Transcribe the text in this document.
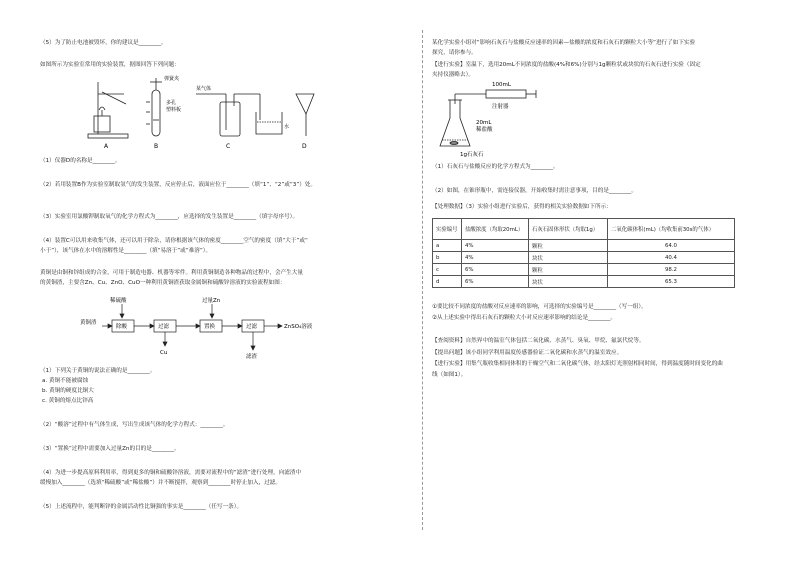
（5）为了防止电池被毁坏，你的建议是________。
如图所示为实验室常用的实验装置，据图回答下列问题：
A
弹簧夹
多孔
塑料板
B
某气体
C
水
D
（1）仪器D的名称是________。
（2）若用装置B作为实验室制取氢气的发生装置，反应停止后，液面应位于________（填“1”、“2”或“3”）处。
（3）实验室用氯酸钾制取氧气的化学方程式为________，应选择的发生装置是________（填字母序号）。
（4）装置C可以用来收集气体，还可以用于除杂，请你根据该气体的密度________空气的密度（填“大于”或“
小于”），该气体在水中的溶解性是________（填“易溶于”或“难溶”）。
黄铜是由铜和锌组成的合金，可用于制造电器、机器等零件。利用黄铜制造各种物品的过程中，会产生大量
的黄铜渣，主要含Zn、Cu、ZnO、CuO一种利用黄铜渣获取金属铜和硫酸锌溶液的实验流程如图：
稀硫酸	过量Zn
黄铜渣
除酸	过滤	置换	过滤	ZnSO₄溶液
Cu
滤渣
（1）下列关于黄铜的说法正确的是________。
a. 黄铜不能被腐蚀
b. 黄铜的硬度比铜大
c. 黄铜的熔点比锌高
（2）“酸溶”过程中有气体生成，写出生成该气体的化学方程式：________。
（3）“置换”过程中需要加入过量Zn的目的是________。
（4）为进一步提高原料利用率，得到更多的铜和硫酸锌溶液，需要对流程中的“滤渣”进行处理，向滤渣中
缓慢加入________（选填“稀硫酸”或“稀盐酸”）并不断搅拌，观察到________时停止加入，过滤。
（5）上述流程中，能判断锌的金属活动性比铜强的事实是________（任写一条）。
某化学实验小组对“影响石灰石与盐酸反应速率的因素—盐酸的浓度和石灰石的颗粒大小等”进行了如下实验
探究，请你参与。
【进行实验】室温下，选用20mL不同浓度的盐酸(4%和6%)分别与1g颗粒状或块状的石灰石进行实验（固定
夹持仪器略去）。
100mL
注射器
20mL
稀盐酸
1g石灰石
（1）石灰石与盐酸反应的化学方程式为________。
（2）如图，在锥形瓶中，需连接仪器，开始收集时需注意事项，目的是________。
【处理数据】（3）实验小组进行实验后，获得的相关实验数据如下所示：
实验编号	盐酸浓度（均取20mL）	石灰石固体形状（均取1g）	二氧化碳体积(mL)（均收集前30s的气体）
a	4%	颗粒	64.0
b	4%	块状	40.4
c	6%	颗粒	98.2
d	6%	块状	65.3
①要比较不同浓度的盐酸对反应速率的影响，可选择的实验编号是________（写一组）。
②从上述实验中得出石灰石的颗粒大小对反应速率影响的结论是________。
【查阅资料】自然界中的温室气体包括二氧化碳、水蒸气、臭氧、甲烷、氟氯代烷等。
【提出问题】该小组同学利用温度传感器验证二氧化碳和水蒸气的温室效应。
【进行实验】用集气瓶收集相同体积的干燥空气和二氧化碳气体，经太阳灯光照射相同时间，得到温度随时间变化的曲
线（如图1）。
